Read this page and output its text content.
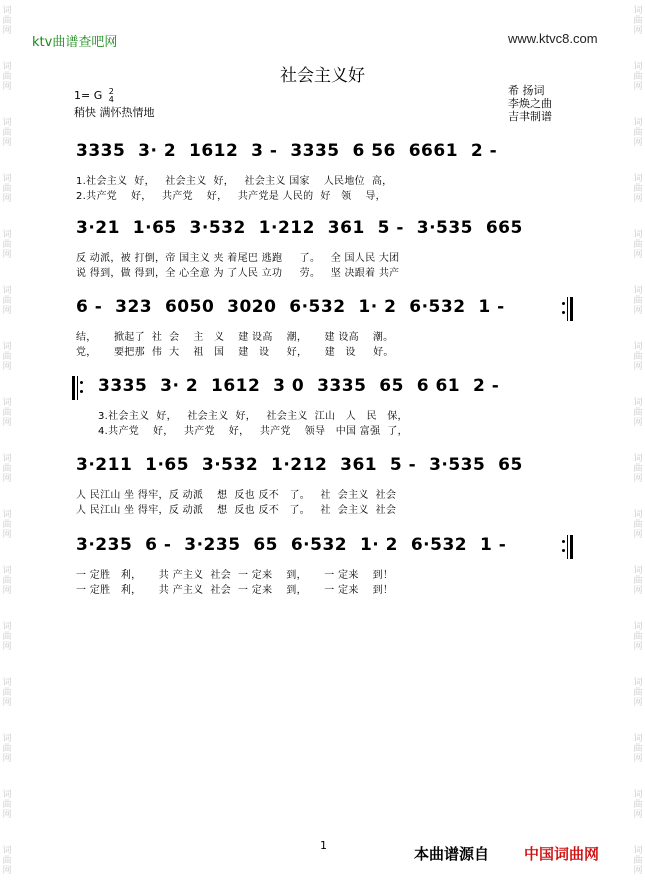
词
曲
网
词
曲
网
词
曲
网
词
曲
网
词
曲
网
词
曲
网
词
曲
网
词
曲
网
词
曲
网
词
曲
网
词
曲
网
词
曲
网
词
曲
网
词
曲
网
词
曲
网
词
曲
网
词
曲
网
词
曲
网
词
曲
网
词
曲
网
词
曲
网
词
曲
网
词
曲
网
词
曲
网
词
曲
网
词
曲
网
词
曲
网
词
曲
网
词
曲
网
词
曲
网
词
曲
网
词
曲
网
ktv曲谱查吧网	www.ktvc8.com
社会主义好
1= G 2
4
稍快 满怀热情地
希 扬词
李焕之曲
吉聿制谱
3335  3· 2  1612  3 -  3335  6 56  6661  2 -
1.社会主义  好，   社会主义  好，   社会主义 国家    人民地位  高，
2.共产党    好，   共产党    好，   共产党是 人民的  好   领    导，
3·21  1·65  3·532  1·212  361  5 -  3·535  665
反 动派，被 打倒，帝 国主义 夹 着尾巴 逃跑     了。   全 国人民 大团
说 得到，做 得到，全 心全意 为 了人民 立功     劳。   坚 决跟着 共产
6 -  323  6050  3020  6·532  1· 2  6·532  1 -
结，     掀起了  社  会    主   义    建 设高    潮，     建 设高    潮。
党，     要把那  伟  大    祖   国    建   设     好，     建   设     好。
3335  3· 2  1612  3 0  3335  65  6 61  2 -
3.社会主义  好，   社会主义  好，   社会主义  江山   人   民   保，
4.共产党    好，   共产党    好，   共产党    领导   中国 富强  了，
3·211  1·65  3·532  1·212  361  5 -  3·535  65
人 民江山 坐 得牢，反 动派    想  反也 反不   了。   社  会主义  社会
人 民江山 坐 得牢，反 动派    想  反也 反不   了。   社  会主义  社会
3·235  6 -  3·235  65  6·532  1· 2  6·532  1 -
一 定胜   利，     共 产主义  社会  一 定来    到，     一 定来    到！
一 定胜   利，     共 产主义  社会  一 定来    到，     一 定来    到！
1	本曲谱源自 中国词曲网
